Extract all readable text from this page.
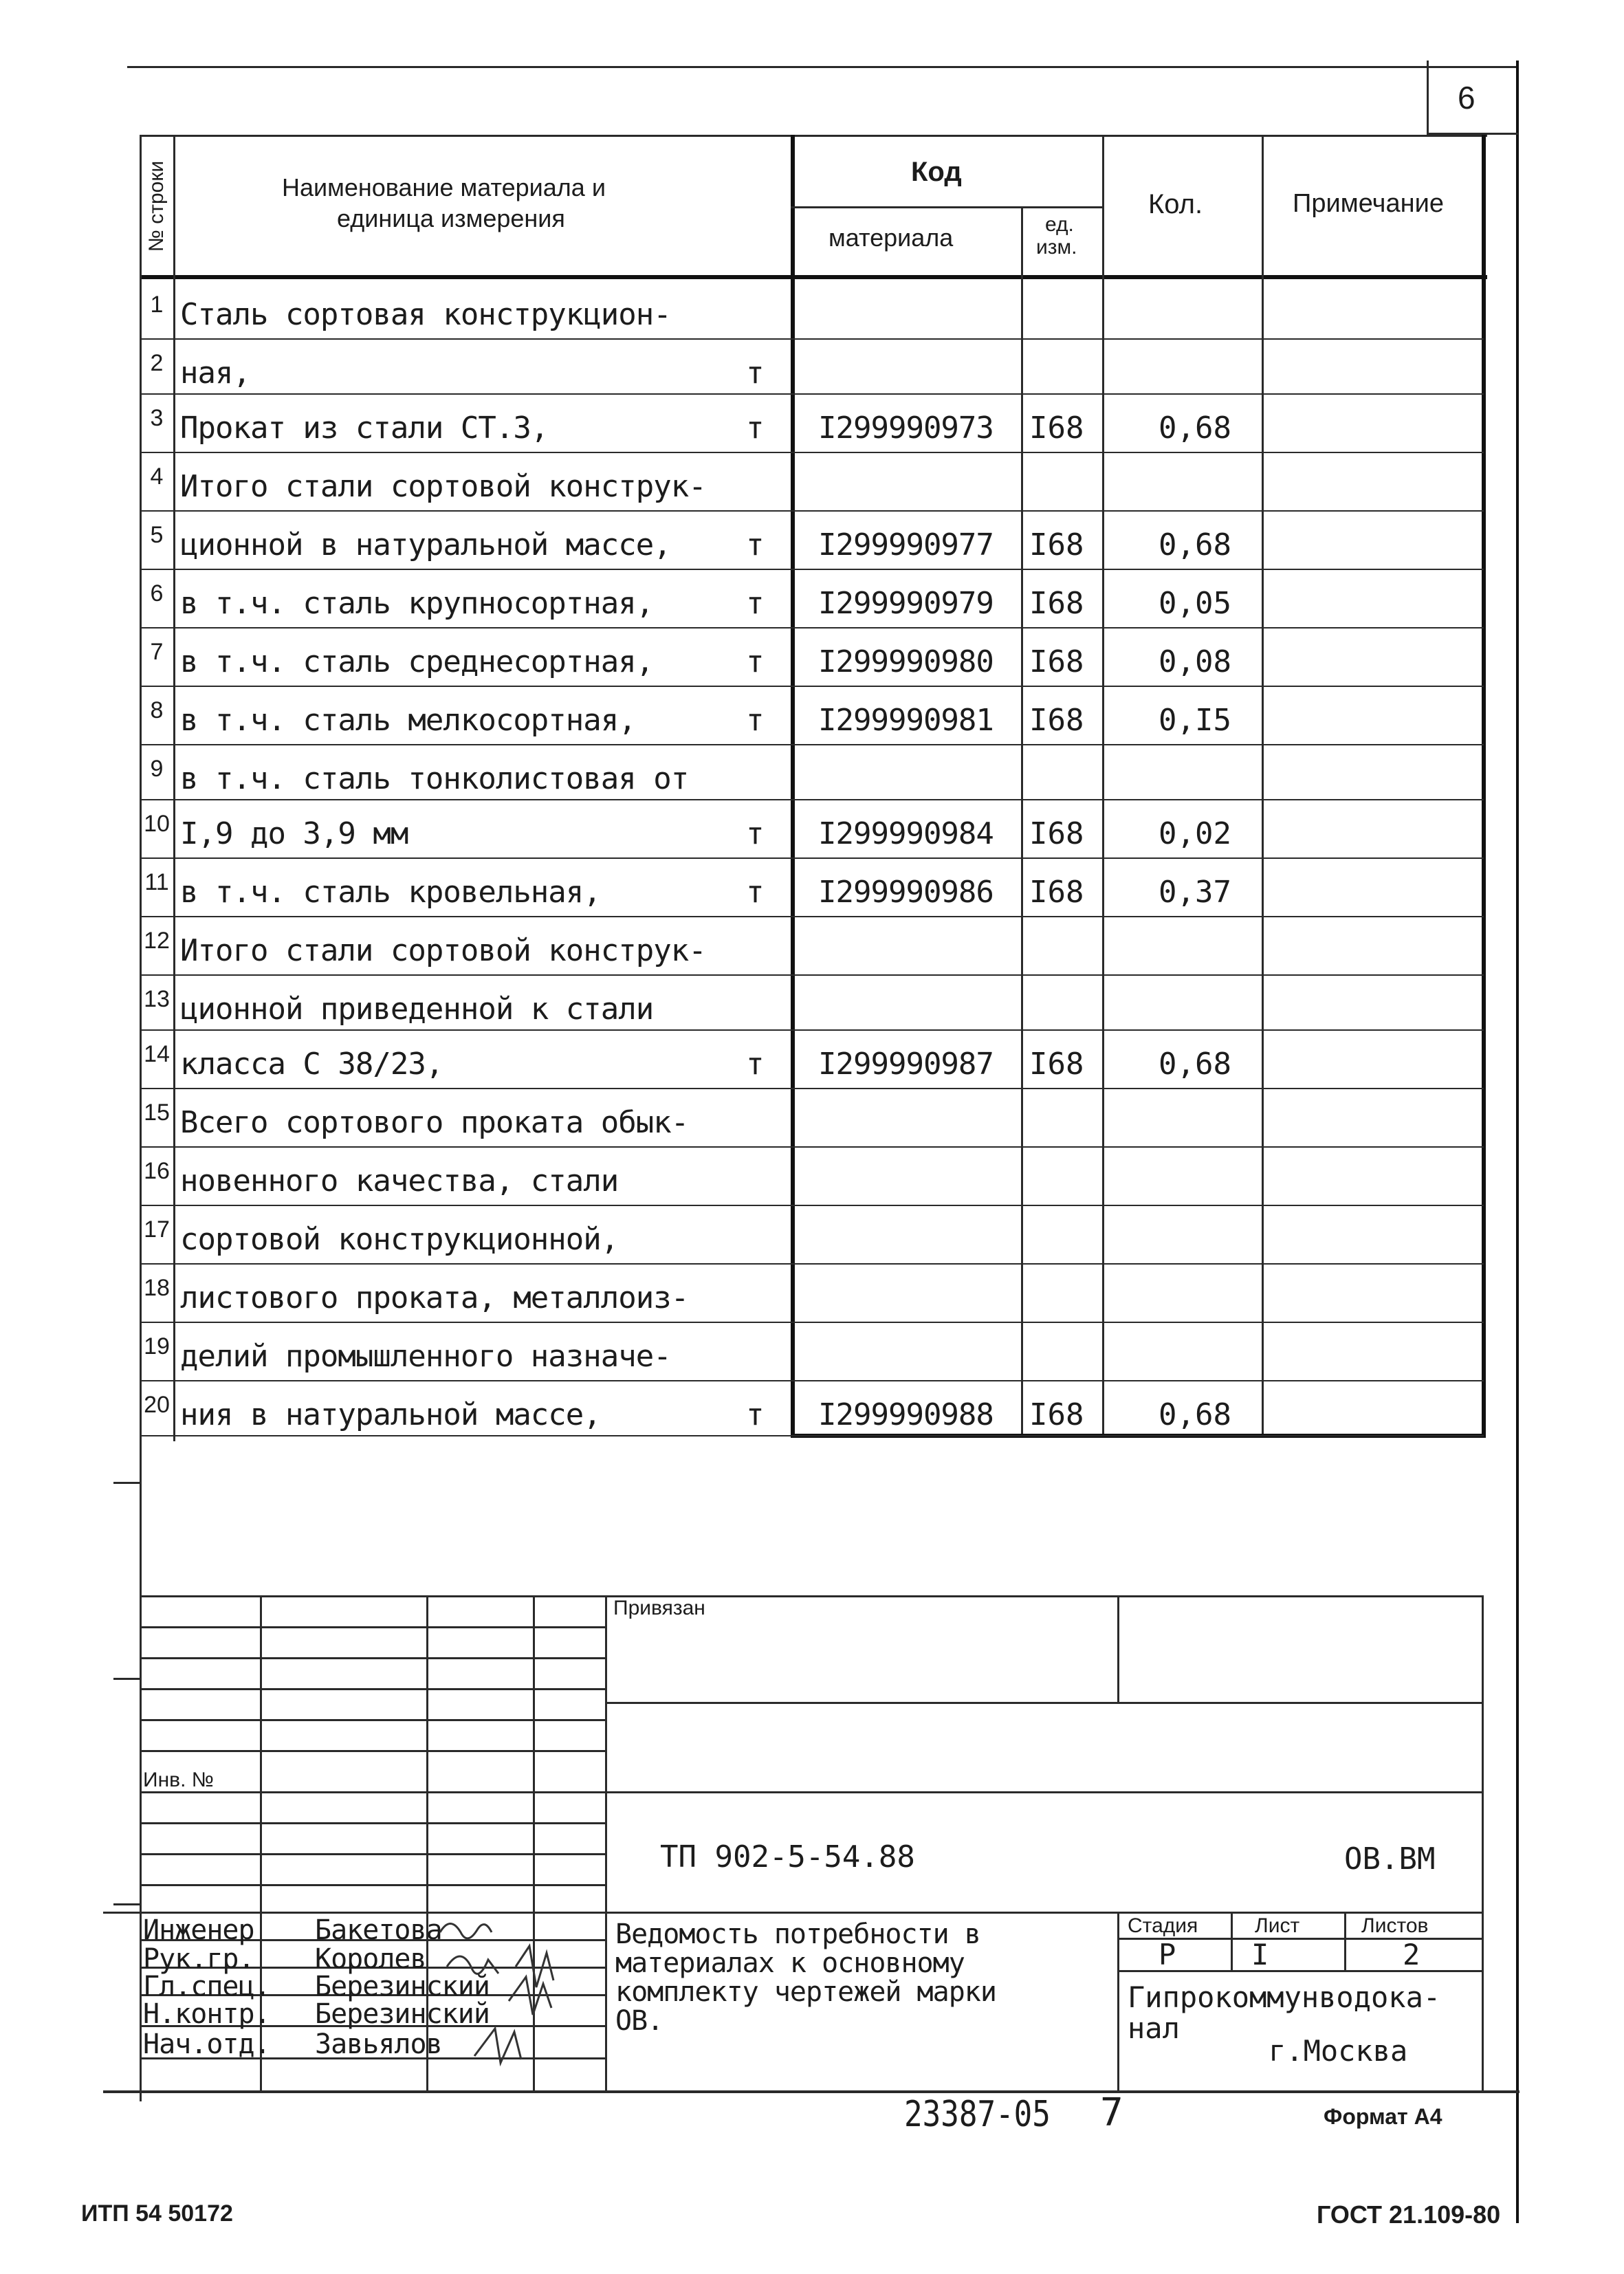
6
№ строки	Наименование материала и
единица измерения
Код
материала	ед.
изм.
Кол.	Примечание
1 Сталь сортовая конструкцион-
2 ная,	т
3 Прокат из стали СТ.3,	т I299990973 I68 0,68
4 Итого стали сортовой конструк-
5 ционной в натуральной массе, т I299990977 I68 0,68
6 в т.ч. сталь крупносортная,	т I299990979 I68 0,05
7 в т.ч. сталь среднесортная,	т I299990980 I68 0,08
8 в т.ч. сталь мелкосортная,	т I299990981 I68 0,I5
9 в т.ч. сталь тонколистовая от
10 I,9 до 3,9 мм	т I299990984 I68 0,02
11 в т.ч. сталь кровельная,	т I299990986 I68 0,37
12 Итого стали сортовой конструк-
13 ционной приведенной к стали
14 класса С 38/23,	т I299990987 I68 0,68
15 Всего сортового проката обык-
16 новенного качества, стали
17 сортовой конструкционной,
18 листового проката, металлоиз-
19 делий промышленного назначе-
20 ния в натуральной массе,	т I299990988 I68 0,68
Привязан
Инв. №
ТП 902-5-54.88	ОВ.ВМ
Стадия	Лист	Листов
Р	I	2
Гипрокоммунводока-
нал
г.Москва
Ведомость потребности в
материалах к основному
комплекту чертежей марки
ОВ.
Инженер Бакетова
Рук.гр. Королев
Гл.спец. Березинский
Н.контр. Березинский
Нач.отд. Завьялов
23387-05 7	Формат А4
ИТП 54 50172	ГОСТ 21.109-80
